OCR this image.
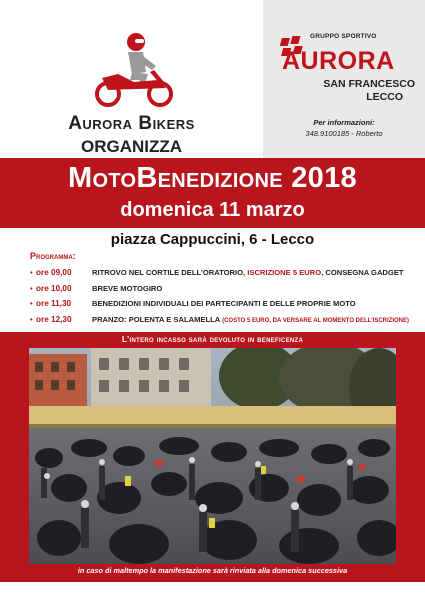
Aurora Bikers
ORGANIZZA
GRUPPO SPORTIVO
AURORA
SAN FRANCESCO
LECCO
Per informazioni:
348.9100185 - Roberto
MotoBenedizione 2018
domenica 11 marzo
piazza Cappuccini, 6 - Lecco
Programma:
• ore 09,00	RITROVO NEL CORTILE DELL’ORATORIO, ISCRIZIONE 5 EURO, CONSEGNA GADGET
• ore 10,00	BREVE MOTOGIRO
• ore 11,30	BENEDIZIONI INDIVIDUALI DEI PARTECIPANTI E DELLE PROPRIE MOTO
• ore 12,30	PRANZO: POLENTA E SALAMELLA (COSTO 5 EURO, DA VERSARE AL MOMENTO DELL’ISCRIZIONE)
L’intero incasso sarà devoluto in beneficenza
in caso di maltempo la manifestazione sarà rinviata alla domenica successiva
